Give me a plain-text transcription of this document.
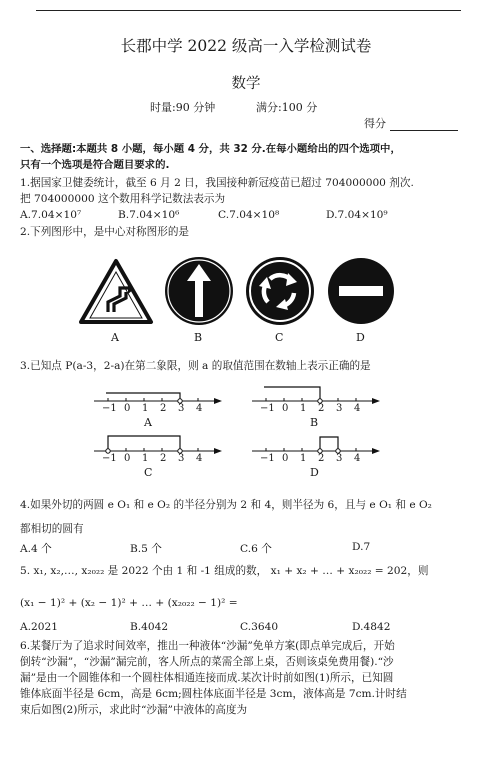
长郡中学 2022 级高一入学检测试卷
数学
时量:90 分钟	满分:100 分
得分
一、选择题:本题共 8 小题，每小题 4 分，共 32 分.在每小题给出的四个选项中，
只有一个选项是符合题目要求的.
1.据国家卫健委统计，截至 6 月 2 日，我国接种新冠疫苗已超过 704000000 剂次.
把 704000000 这个数用科学记数法表示为
A.7.04×10⁷	B.7.04×10⁶	C.7.04×10⁸	D.7.04×10⁹
2.下列图形中，是中心对称图形的是
A	B	C	D
3.已知点 P(a-3，2-a)在第二象限，则 a 的取值范围在数轴上表示正确的是
−1 0 1 2 3 4	−1 0 1 2 3 4
−1 0 1 2 3 4	−1 0 1 2 3 4
A	B
C	D
4.如果外切的两圆 e O₁ 和 e O₂ 的半径分别为 2 和 4，则半径为 6，且与 e O₁ 和 e O₂
都相切的圆有
A.4 个	B.5 个	C.6 个	D.7
5. x₁, x₂,…, x₂₀₂₂ 是 2022 个由 1 和 -1 组成的数， x₁ + x₂ + … + x₂₀₂₂ = 202，则
(x₁ − 1)² + (x₂ − 1)² + … + (x₂₀₂₂ − 1)² =
A.2021	B.4042	C.3640	D.4842
6.某餐厅为了追求时间效率，推出一种液体“沙漏”免单方案(即点单完成后，开始
倒转“沙漏”，“沙漏”漏完前，客人所点的菜需全部上桌，否则该桌免费用餐).“沙
漏”是由一个圆锥体和一个圆柱体相通连接而成.某次计时前如图(1)所示，已知圆
锥体底面半径是 6cm，高是 6cm;圆柱体底面半径是 3cm，液体高是 7cm.计时结
束后如图(2)所示，求此时“沙漏”中液体的高度为
